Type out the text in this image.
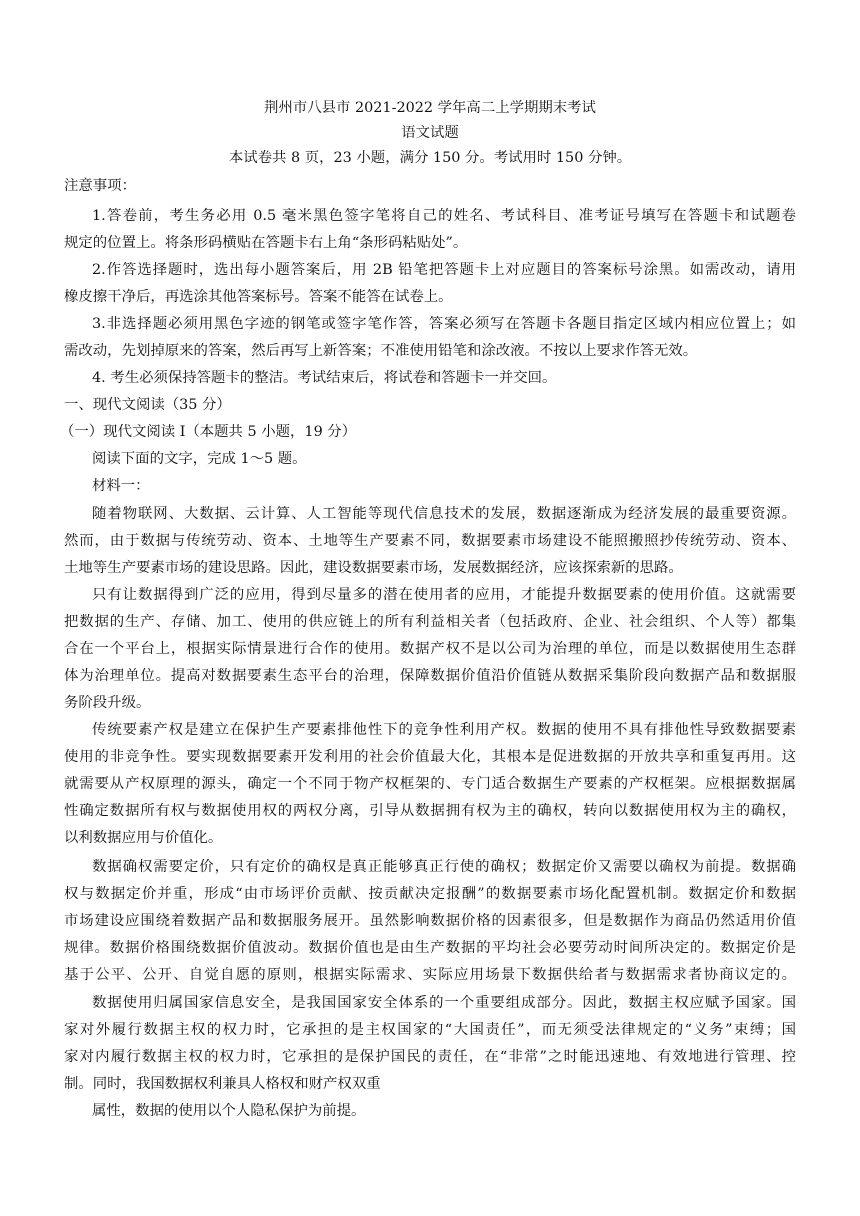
荆州市八县市 2021-2022 学年高二上学期期末考试
语文试题
本试卷共 8 页，23 小题，满分 150 分。考试用时 150 分钟。
注意事项：
1.答卷前，考生务必用 0.5 毫米黑色签字笔将自己的姓名、考试科目、准考证号填写在答题卡和试题卷
规定的位置上。将条形码横贴在答题卡右上角“条形码粘贴处”。
2.作答选择题时，选出每小题答案后，用 2B 铅笔把答题卡上对应题目的答案标号涂黑。如需改动，请用
橡皮擦干净后，再选涂其他答案标号。答案不能答在试卷上。
3.非选择题必须用黑色字迹的钢笔或签字笔作答，答案必须写在答题卡各题目指定区域内相应位置上；如
需改动，先划掉原来的答案，然后再写上新答案；不准使用铅笔和涂改液。不按以上要求作答无效。
4. 考生必须保持答题卡的整洁。考试结束后，将试卷和答题卡一并交回。
一、现代文阅读（35 分）
（一）现代文阅读 I（本题共 5 小题，19 分）
阅读下面的文字，完成 1～5 题。
材料一：
随着物联网、大数据、云计算、人工智能等现代信息技术的发展，数据逐渐成为经济发展的最重要资源。
然而，由于数据与传统劳动、资本、土地等生产要素不同，数据要素市场建设不能照搬照抄传统劳动、资本、
土地等生产要素市场的建设思路。因此，建设数据要素市场，发展数据经济，应该探索新的思路。
只有让数据得到广泛的应用，得到尽量多的潜在使用者的应用，才能提升数据要素的使用价值。这就需要
把数据的生产、存储、加工、使用的供应链上的所有利益相关者（包括政府、企业、社会组织、个人等）都集
合在一个平台上，根据实际情景进行合作的使用。数据产权不是以公司为治理的单位，而是以数据使用生态群
体为治理单位。提高对数据要素生态平台的治理，保障数据价值沿价值链从数据采集阶段向数据产品和数据服
务阶段升级。
传统要素产权是建立在保护生产要素排他性下的竞争性利用产权。数据的使用不具有排他性导致数据要素
使用的非竞争性。要实现数据要素开发利用的社会价值最大化，其根本是促进数据的开放共享和重复再用。这
就需要从产权原理的源头，确定一个不同于物产权框架的、专门适合数据生产要素的产权框架。应根据数据属
性确定数据所有权与数据使用权的两权分离，引导从数据拥有权为主的确权，转向以数据使用权为主的确权，
以利数据应用与价值化。
数据确权需要定价，只有定价的确权是真正能够真正行使的确权；数据定价又需要以确权为前提。数据确
权与数据定价并重，形成“由市场评价贡献、按贡献决定报酬”的数据要素市场化配置机制。数据定价和数据
市场建设应围绕着数据产品和数据服务展开。虽然影响数据价格的因素很多，但是数据作为商品仍然适用价值
规律。数据价格围绕数据价值波动。数据价值也是由生产数据的平均社会必要劳动时间所决定的。数据定价是
基于公平、公开、自觉自愿的原则，根据实际需求、实际应用场景下数据供给者与数据需求者协商议定的。
数据使用归属国家信息安全，是我国国家安全体系的一个重要组成部分。因此，数据主权应赋予国家。国
家对外履行数据主权的权力时，它承担的是主权国家的“大国责任”，而无须受法律规定的“义务”束缚；国
家对内履行数据主权的权力时，它承担的是保护国民的责任，在“非常”之时能迅速地、有效地进行管理、控
制。同时，我国数据权利兼具人格权和财产权双重
属性，数据的使用以个人隐私保护为前提。
